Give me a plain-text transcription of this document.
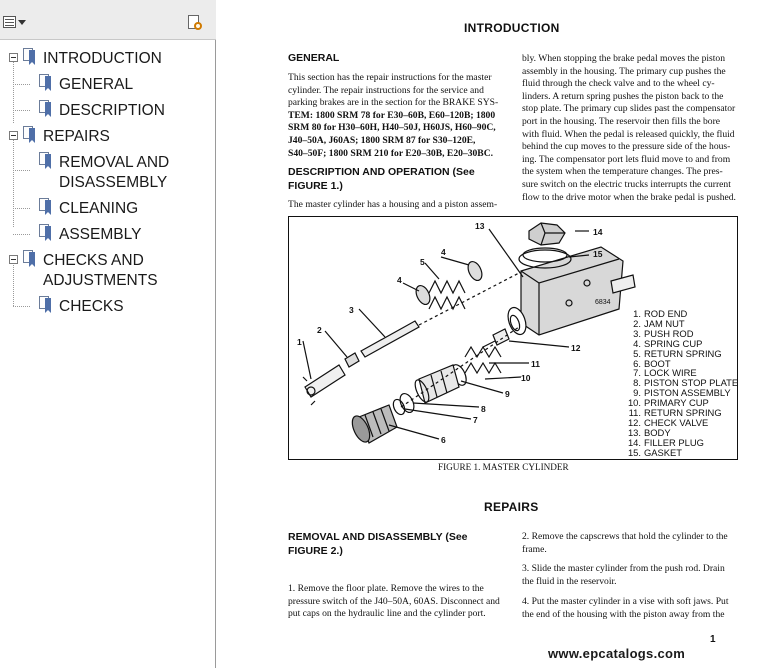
INTRODUCTION
GENERAL
DESCRIPTION
REPAIRS
REMOVAL AND
DISASSEMBLY
CLEANING
ASSEMBLY
CHECKS AND
ADJUSTMENTS
CHECKS
INTRODUCTION
GENERAL
This section has the repair instructions for the master
cylinder. The repair instructions for the service and
parking brakes are in the section for the BRAKE SYS-
TEM: 1800 SRM 78 for E30–60B, E60–120B; 1800
SRM 80 for H30–60H, H40–50J, H60JS, H60–90C,
J40–50A, J60AS; 1800 SRM 87 for S30–120E,
S40–50F; 1800 SRM 210 for E20–30B, E20–30BC.
DESCRIPTION AND OPERATION (See
FIGURE 1.)
The master cylinder has a housing and a piston assem-
bly. When stopping the brake pedal moves the piston
assembly in the housing. The primary cup pushes the
fluid through the check valve and to the wheel cy-
linders. A return spring pushes the piston back to the
stop plate. The primary cup slides past the compensator
port in the housing. The reservoir then fills the bore
with fluid. When the pedal is released quickly, the fluid
behind the cup moves to the pressure side of the hous-
ing. The compensator port lets fluid move to and from
the system when the temperature changes. The pres-
sure switch on the electric trucks interrupts the current
flow to the drive motor when the brake pedal is pushed.
1
2
3
4
4
5
6
7
8
9
10
11
12
13
14
15
6834
1. ROD END
2. JAM NUT
3. PUSH ROD
4. SPRING CUP
5. RETURN SPRING
6. BOOT
7. LOCK WIRE
8. PISTON STOP PLATE
9. PISTON ASSEMBLY
10. PRIMARY CUP
11. RETURN SPRING
12. CHECK VALVE
13. BODY
14. FILLER PLUG
15. GASKET
FIGURE 1. MASTER CYLINDER
REPAIRS
REMOVAL AND DISASSEMBLY (See
FIGURE 2.)
1. Remove the floor plate. Remove the wires to the
pressure switch of the J40–50A, 60AS. Disconnect and
put caps on the hydraulic line and the cylinder port.
2. Remove the capscrews that hold the cylinder to the
frame.
3. Slide the master cylinder from the push rod. Drain
the fluid in the reservoir.
4. Put the master cylinder in a vise with soft jaws. Put
the end of the housing with the piston away from the
1
www.epcatalogs.com
